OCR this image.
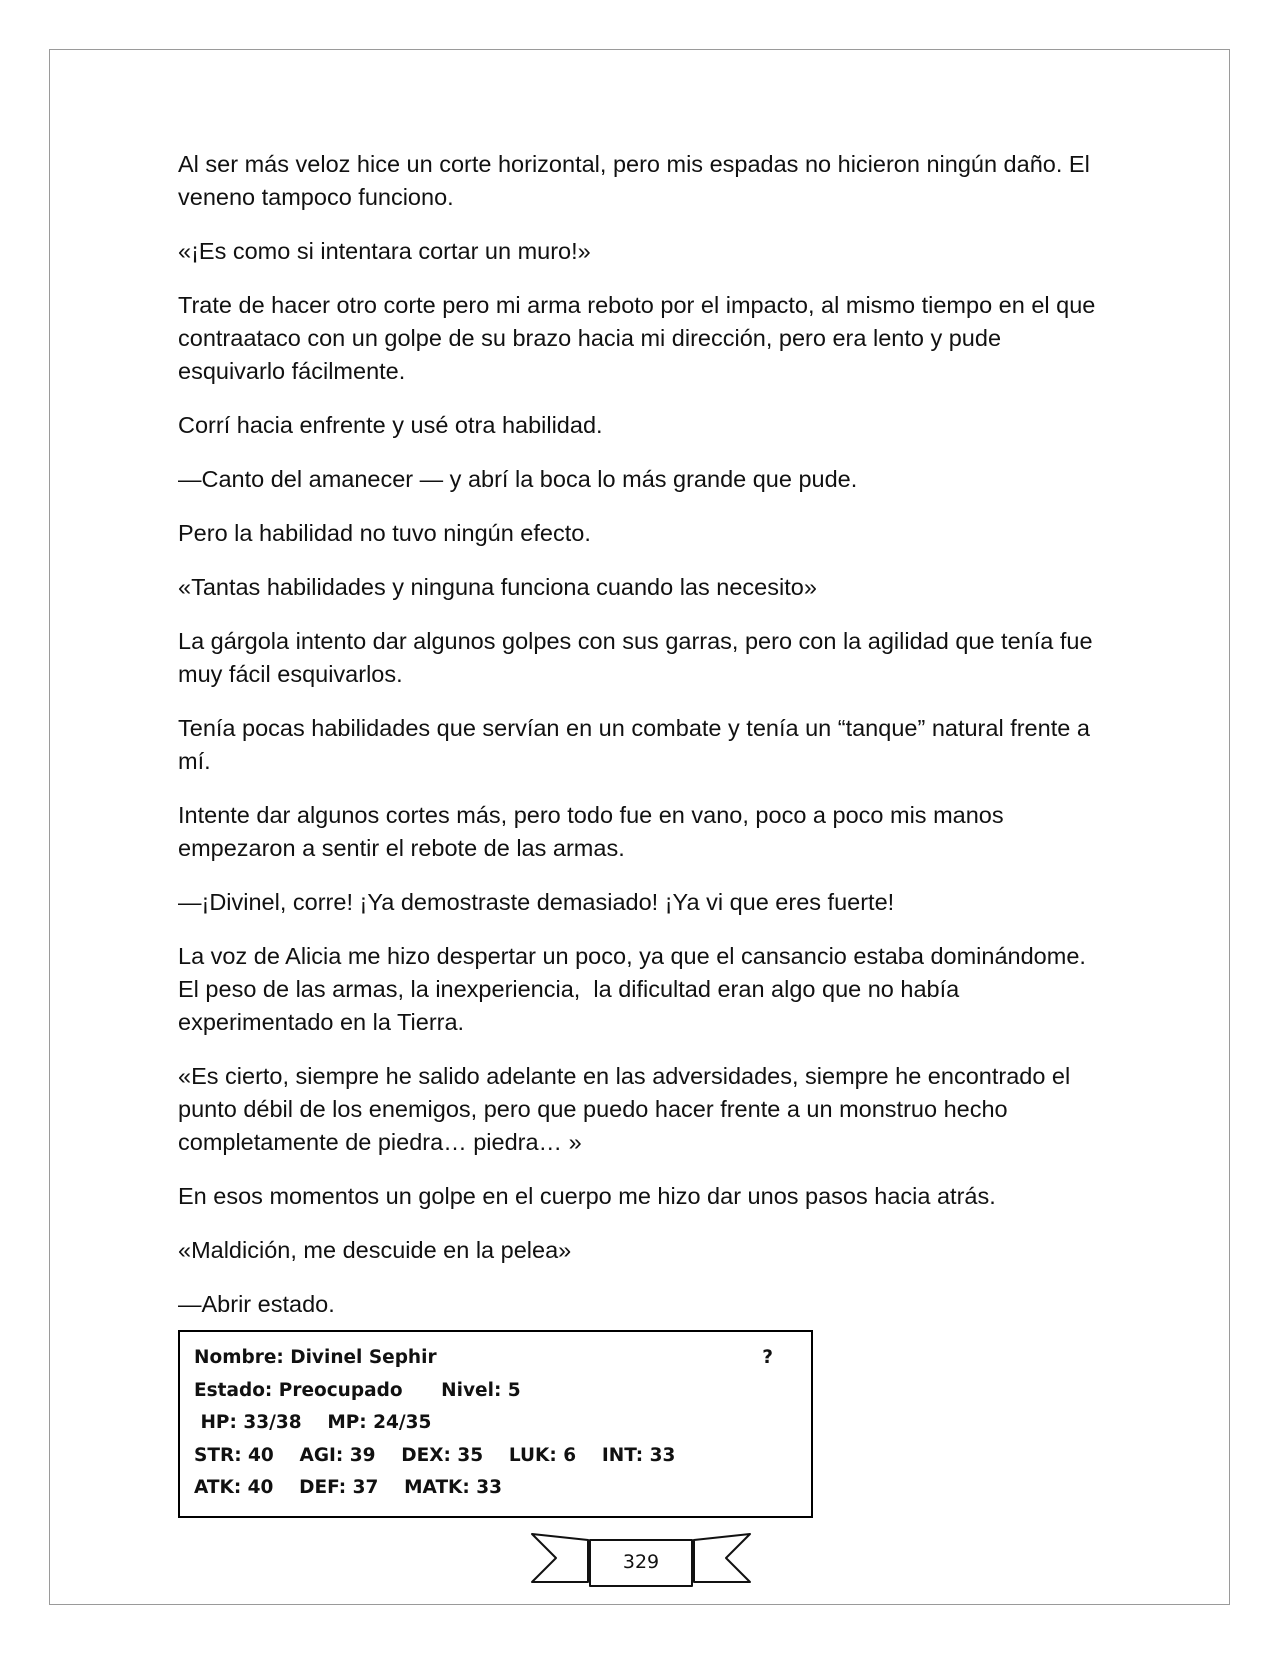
Al ser más veloz hice un corte horizontal, pero mis espadas no hicieron ningún daño. El veneno tampoco funciono.

«¡Es como si intentara cortar un muro!»

Trate de hacer otro corte pero mi arma reboto por el impacto, al mismo tiempo en el que contraataco con un golpe de su brazo hacia mi dirección, pero era lento y pude esquivarlo fácilmente.

Corrí hacia enfrente y usé otra habilidad.

—Canto del amanecer — y abrí la boca lo más grande que pude.

Pero la habilidad no tuvo ningún efecto.

«Tantas habilidades y ninguna funciona cuando las necesito»

La gárgola intento dar algunos golpes con sus garras, pero con la agilidad que tenía fue muy fácil esquivarlos.

Tenía pocas habilidades que servían en un combate y tenía un “tanque” natural frente a mí.

Intente dar algunos cortes más, pero todo fue en vano, poco a poco mis manos empezaron a sentir el rebote de las armas.

—¡Divinel, corre! ¡Ya demostraste demasiado! ¡Ya vi que eres fuerte!

La voz de Alicia me hizo despertar un poco, ya que el cansancio estaba dominándome. El peso de las armas, la inexperiencia,  la dificultad eran algo que no había experimentado en la Tierra.

«Es cierto, siempre he salido adelante en las adversidades, siempre he encontrado el punto débil de los enemigos, pero que puedo hacer frente a un monstruo hecho completamente de piedra… piedra… »

En esos momentos un golpe en el cuerpo me hizo dar unos pasos hacia atrás.

«Maldición, me descuide en la pelea»

—Abrir estado.

Nombre: Divinel Sephir	?
Estado: Preocupado      Nivel: 5
HP: 33/38    MP: 24/35
STR: 40    AGI: 39    DEX: 35    LUK: 6    INT: 33
ATK: 40    DEF: 37    MATK: 33
329
